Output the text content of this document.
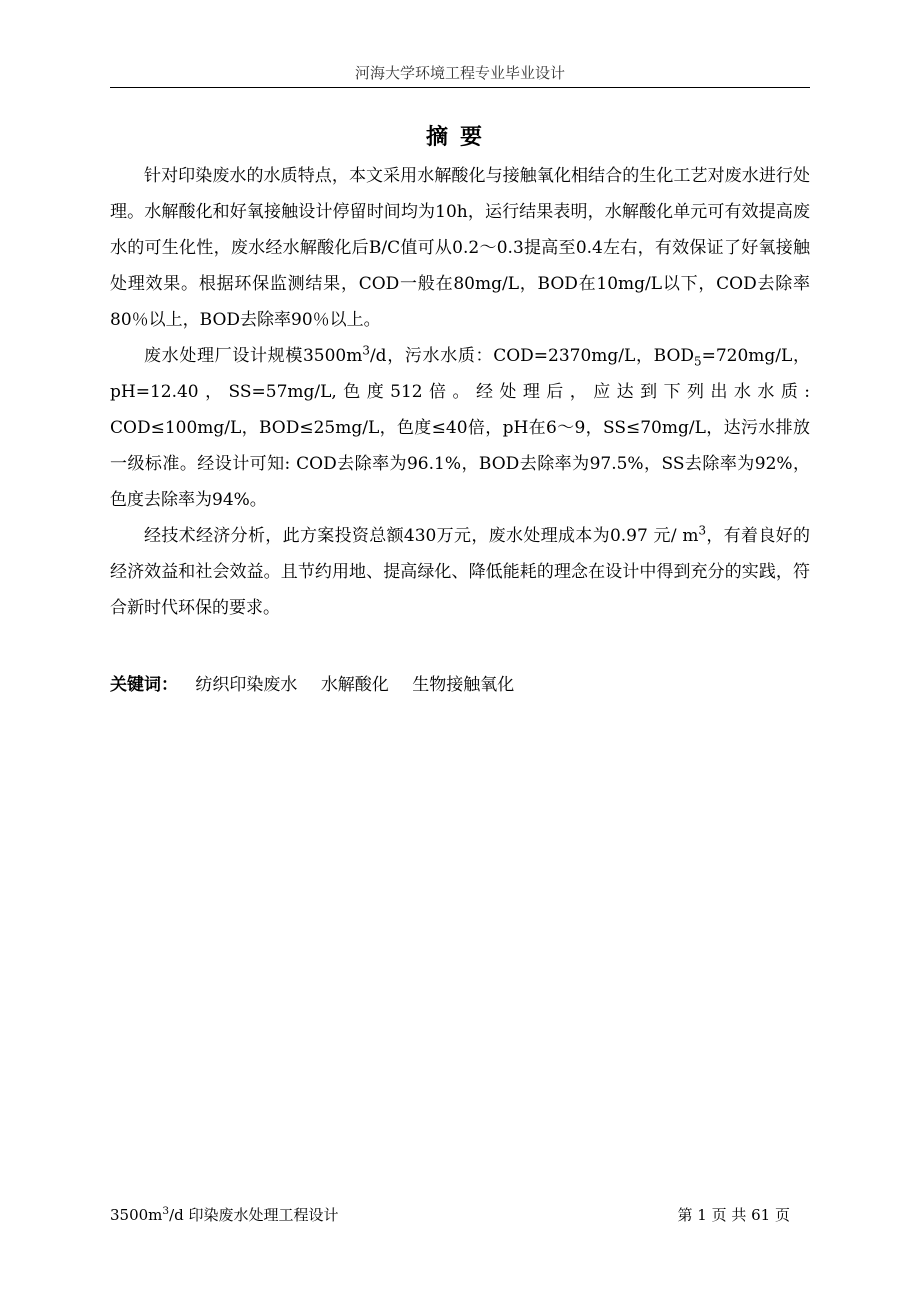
河海大学环境工程专业毕业设计
摘要

针对印染废水的水质特点，本文采用水解酸化与接触氧化相结合的生化工艺对废水进行处理。水解酸化和好氧接触设计停留时间均为10h，运行结果表明，水解酸化单元可有效提高废水的可生化性，废水经水解酸化后B/C值可从0.2～0.3提高至0.4左右，有效保证了好氧接触处理效果。根据环保监测结果，COD一般在80mg/L，BOD在10mg/L以下，COD去除率80％以上，BOD去除率90％以上。

废水处理厂设计规模$3500m^3/d$，污水水质：COD=2370mg/L，$BOD_5=720mg/L$，pH=12.40，SS=57mg/L,色度512倍。经处理后，应达到下列出水水质: COD≤100mg/L，BOD≤25mg/L，色度≤40倍，pH在6～9，SS≤70mg/L，达污水排放一级标准。经设计可知: COD去除率为96.1%，BOD去除率为97.5%，SS去除率为92%，色度去除率为94%。

经技术经济分析，此方案投资总额430万元，废水处理成本为0.97 元/ $m^3$，有着良好的经济效益和社会效益。且节约用地、提高绿化、降低能耗的理念在设计中得到充分的实践，符合新时代环保的要求。

关键词： 纺织印染废水 水解酸化 生物接触氧化
$3500m^3/d$ 印染废水处理工程设计	第 1 页 共 61 页
